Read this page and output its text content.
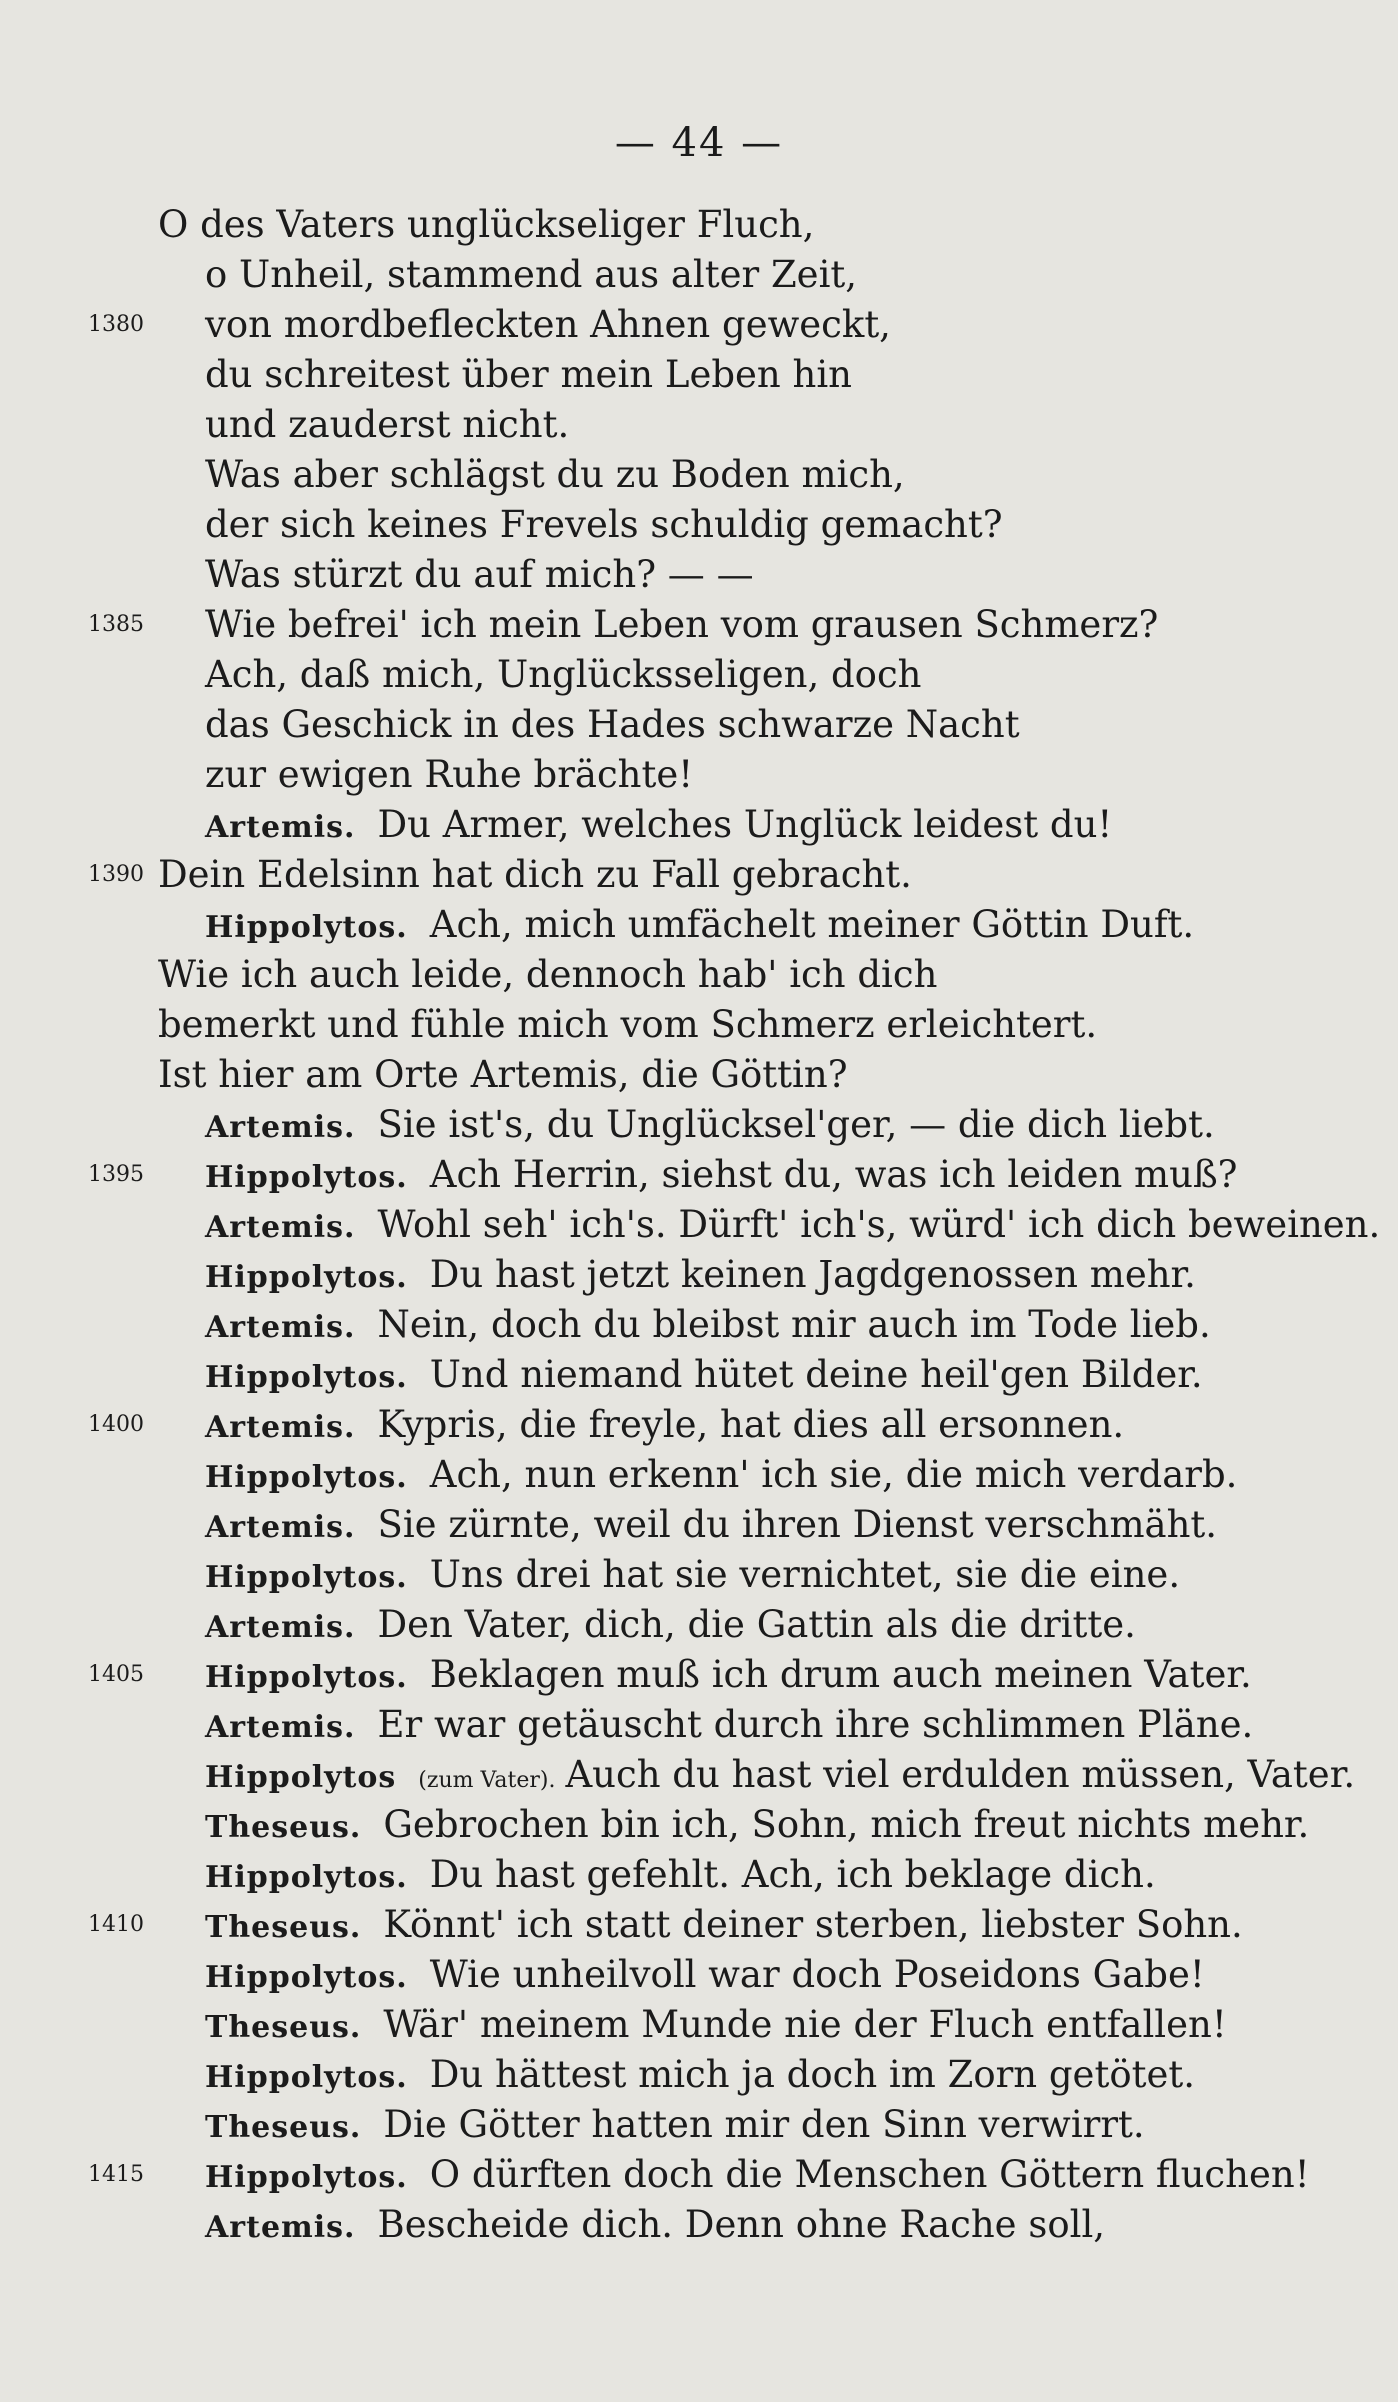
— 44 —
O des Vaters unglückseliger Fluch,
o Unheil, stammend aus alter Zeit,
1380 von mordbefleckten Ahnen geweckt,
du schreitest über mein Leben hin
und zauderst nicht.
Was aber schlägst du zu Boden mich,
der sich keines Frevels schuldig gemacht?
Was stürzt du auf mich? — —
1385 Wie befrei' ich mein Leben vom grausen Schmerz?
Ach, daß mich, Unglücksseligen, doch
das Geschick in des Hades schwarze Nacht
zur ewigen Ruhe brächte!
Artemis. Du Armer, welches Unglück leidest du!
1390 Dein Edelsinn hat dich zu Fall gebracht.
Hippolytos. Ach, mich umfächelt meiner Göttin Duft.
Wie ich auch leide, dennoch hab' ich dich
bemerkt und fühle mich vom Schmerz erleichtert.
Ist hier am Orte Artemis, die Göttin?
Artemis. Sie ist's, du Unglücksel'ger, — die dich liebt.
1395 Hippolytos. Ach Herrin, siehst du, was ich leiden muß?
Artemis. Wohl seh' ich's. Dürft' ich's, würd' ich dich beweinen.
Hippolytos. Du hast jetzt keinen Jagdgenossen mehr.
Artemis. Nein, doch du bleibst mir auch im Tode lieb.
Hippolytos. Und niemand hütet deine heil'gen Bilder.
1400 Artemis. Kypris, die freyle, hat dies all ersonnen.
Hippolytos. Ach, nun erkenn' ich sie, die mich verdarb.
Artemis. Sie zürnte, weil du ihren Dienst verschmäht.
Hippolytos. Uns drei hat sie vernichtet, sie die eine.
Artemis. Den Vater, dich, die Gattin als die dritte.
1405 Hippolytos. Beklagen muß ich drum auch meinen Vater.
Artemis. Er war getäuscht durch ihre schlimmen Pläne.
Hippolytos (zum Vater). Auch du hast viel erdulden müssen, Vater.
Theseus. Gebrochen bin ich, Sohn, mich freut nichts mehr.
Hippolytos. Du hast gefehlt. Ach, ich beklage dich.
1410 Theseus. Könnt' ich statt deiner sterben, liebster Sohn.
Hippolytos. Wie unheilvoll war doch Poseidons Gabe!
Theseus. Wär' meinem Munde nie der Fluch entfallen!
Hippolytos. Du hättest mich ja doch im Zorn getötet.
Theseus. Die Götter hatten mir den Sinn verwirrt.
1415 Hippolytos. O dürften doch die Menschen Göttern fluchen!
Artemis. Bescheide dich. Denn ohne Rache soll,
